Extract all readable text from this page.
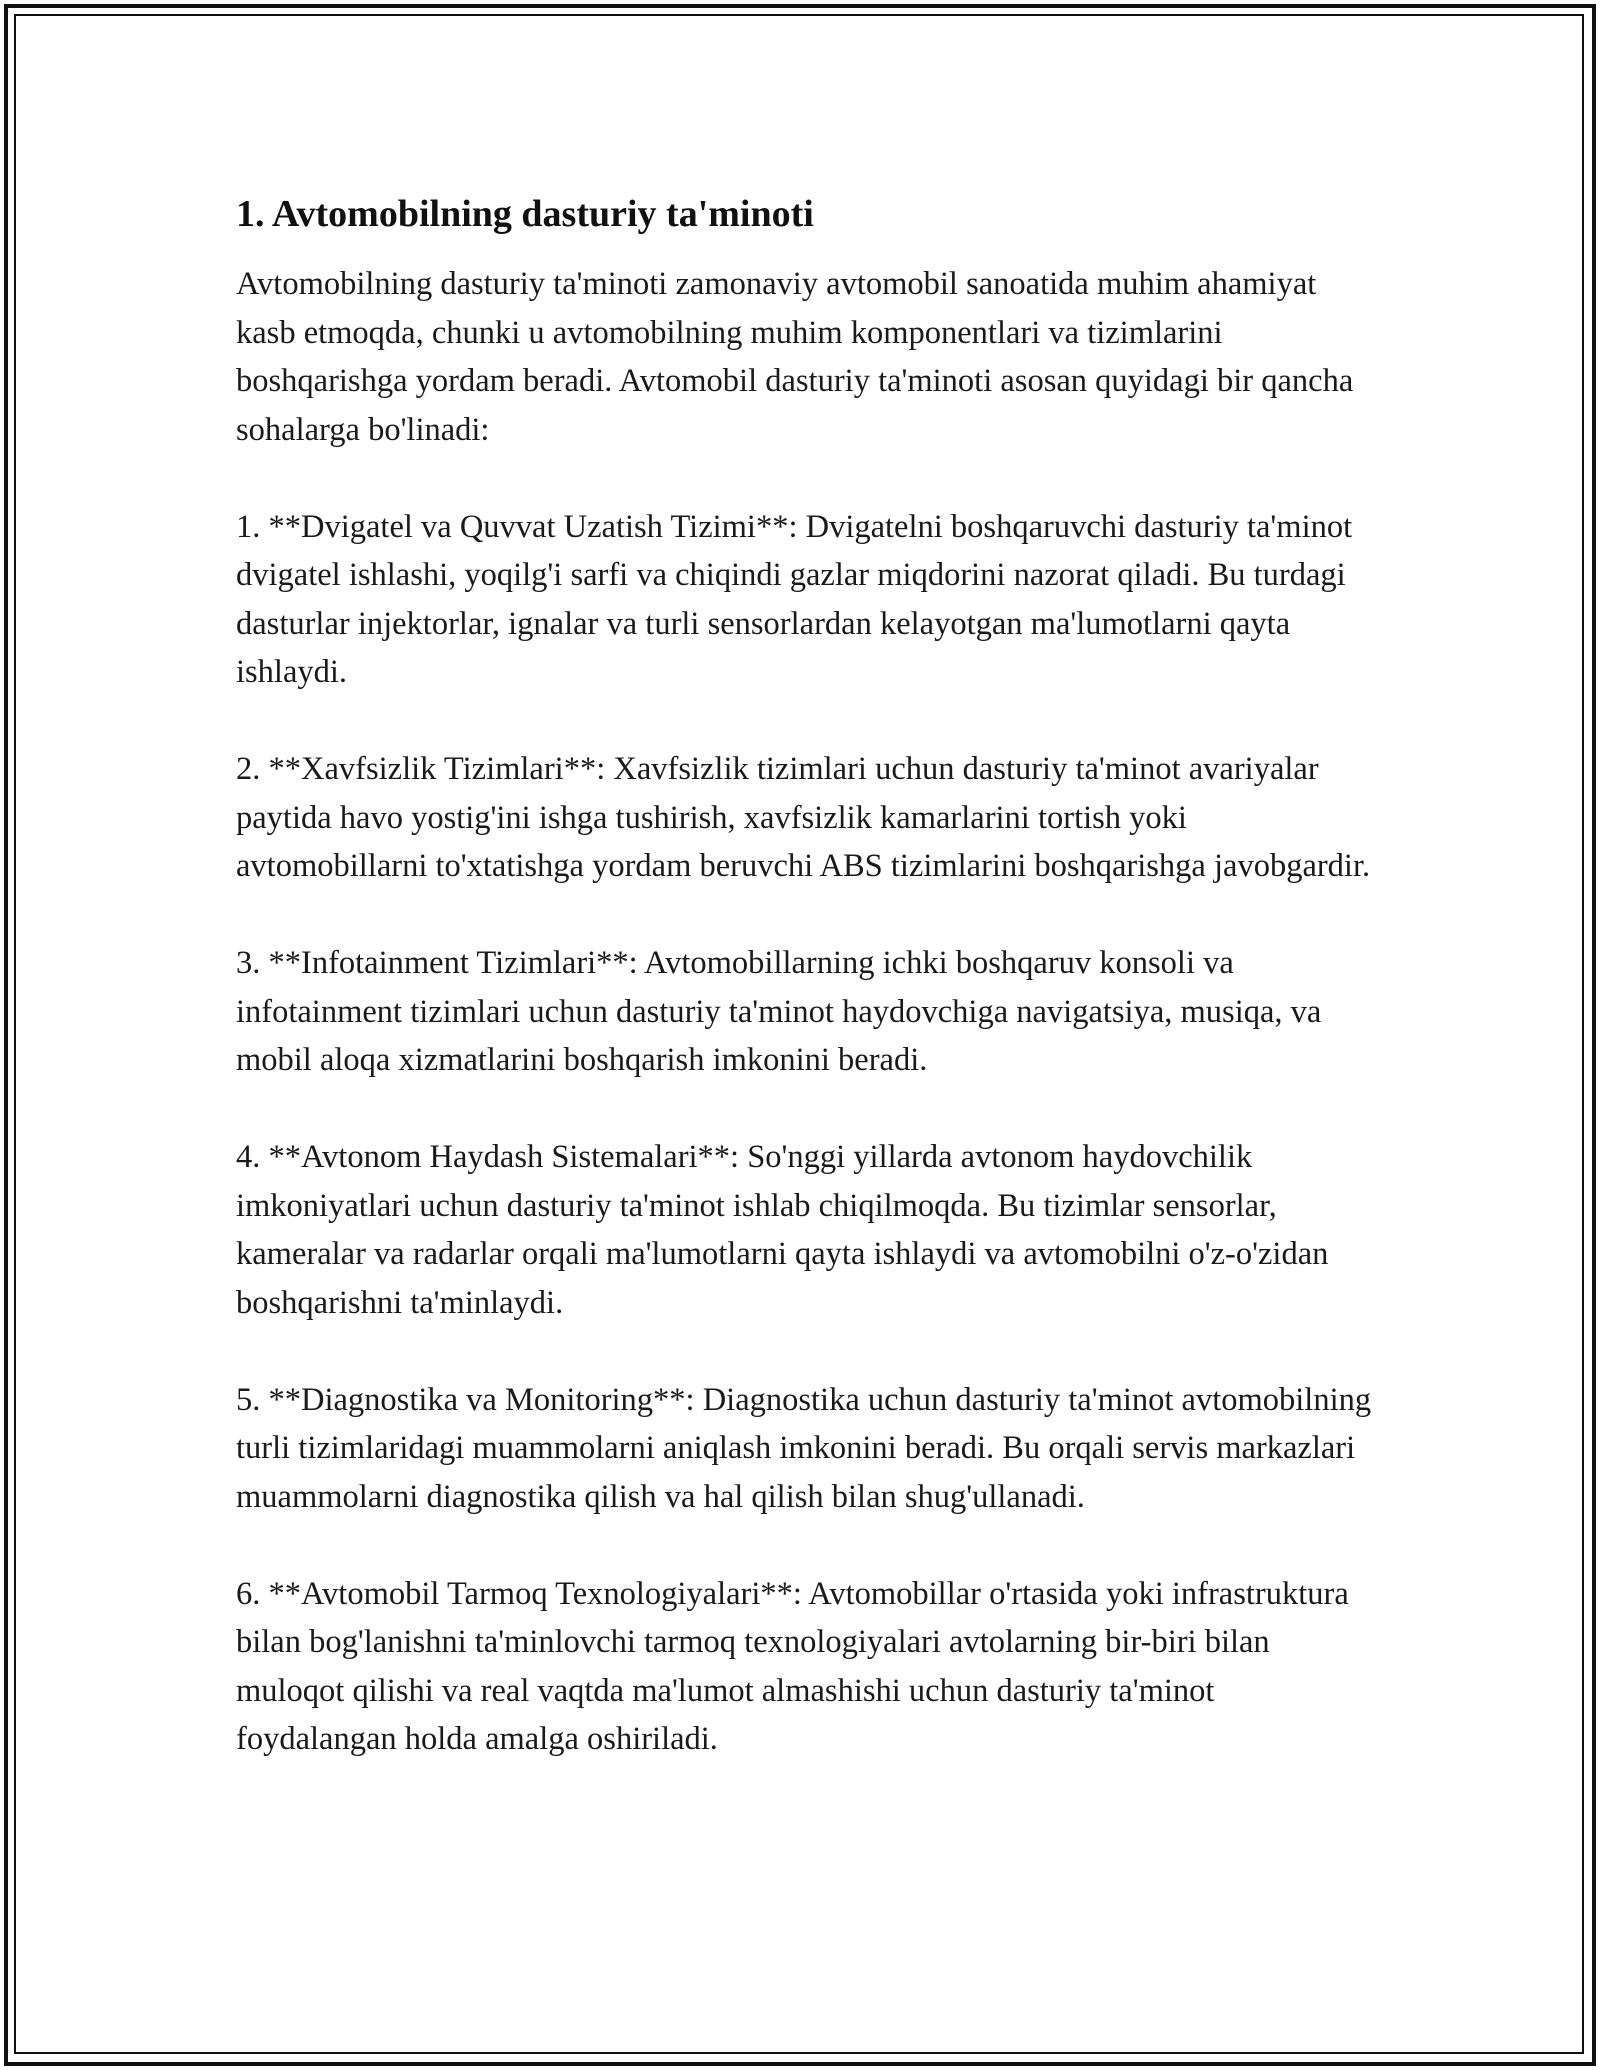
1. Avtomobilning dasturiy ta'minoti

Avtomobilning dasturiy ta'minoti zamonaviy avtomobil sanoatida muhim ahamiyat kasb etmoqda, chunki u avtomobilning muhim komponentlari va tizimlarini boshqarishga yordam beradi. Avtomobil dasturiy ta'minoti asosan quyidagi bir qancha sohalarga bo'linadi:

1. **Dvigatel va Quvvat Uzatish Tizimi**: Dvigatelni boshqaruvchi dasturiy ta'minot dvigatel ishlashi, yoqilg'i sarfi va chiqindi gazlar miqdorini nazorat qiladi. Bu turdagi dasturlar injektorlar, ignalar va turli sensorlardan kelayotgan ma'lumotlarni qayta ishlaydi.

2. **Xavfsizlik Tizimlari**: Xavfsizlik tizimlari uchun dasturiy ta'minot avariyalar paytida havo yostig'ini ishga tushirish, xavfsizlik kamarlarini tortish yoki avtomobillarni to'xtatishga yordam beruvchi ABS tizimlarini boshqarishga javobgardir.

3. **Infotainment Tizimlari**: Avtomobillarning ichki boshqaruv konsoli va infotainment tizimlari uchun dasturiy ta'minot haydovchiga navigatsiya, musiqa, va mobil aloqa xizmatlarini boshqarish imkonini beradi.

4. **Avtonom Haydash Sistemalari**: So'nggi yillarda avtonom haydovchilik imkoniyatlari uchun dasturiy ta'minot ishlab chiqilmoqda. Bu tizimlar sensorlar, kameralar va radarlar orqali ma'lumotlarni qayta ishlaydi va avtomobilni o'z-o'zidan boshqarishni ta'minlaydi.

5. **Diagnostika va Monitoring**: Diagnostika uchun dasturiy ta'minot avtomobilning turli tizimlaridagi muammolarni aniqlash imkonini beradi. Bu orqali servis markazlari muammolarni diagnostika qilish va hal qilish bilan shug'ullanadi.

6. **Avtomobil Tarmoq Texnologiyalari**: Avtomobillar o'rtasida yoki infrastruktura bilan bog'lanishni ta'minlovchi tarmoq texnologiyalari avtolarning bir-biri bilan muloqot qilishi va real vaqtda ma'lumot almashishi uchun dasturiy ta'minot foydalangan holda amalga oshiriladi.
